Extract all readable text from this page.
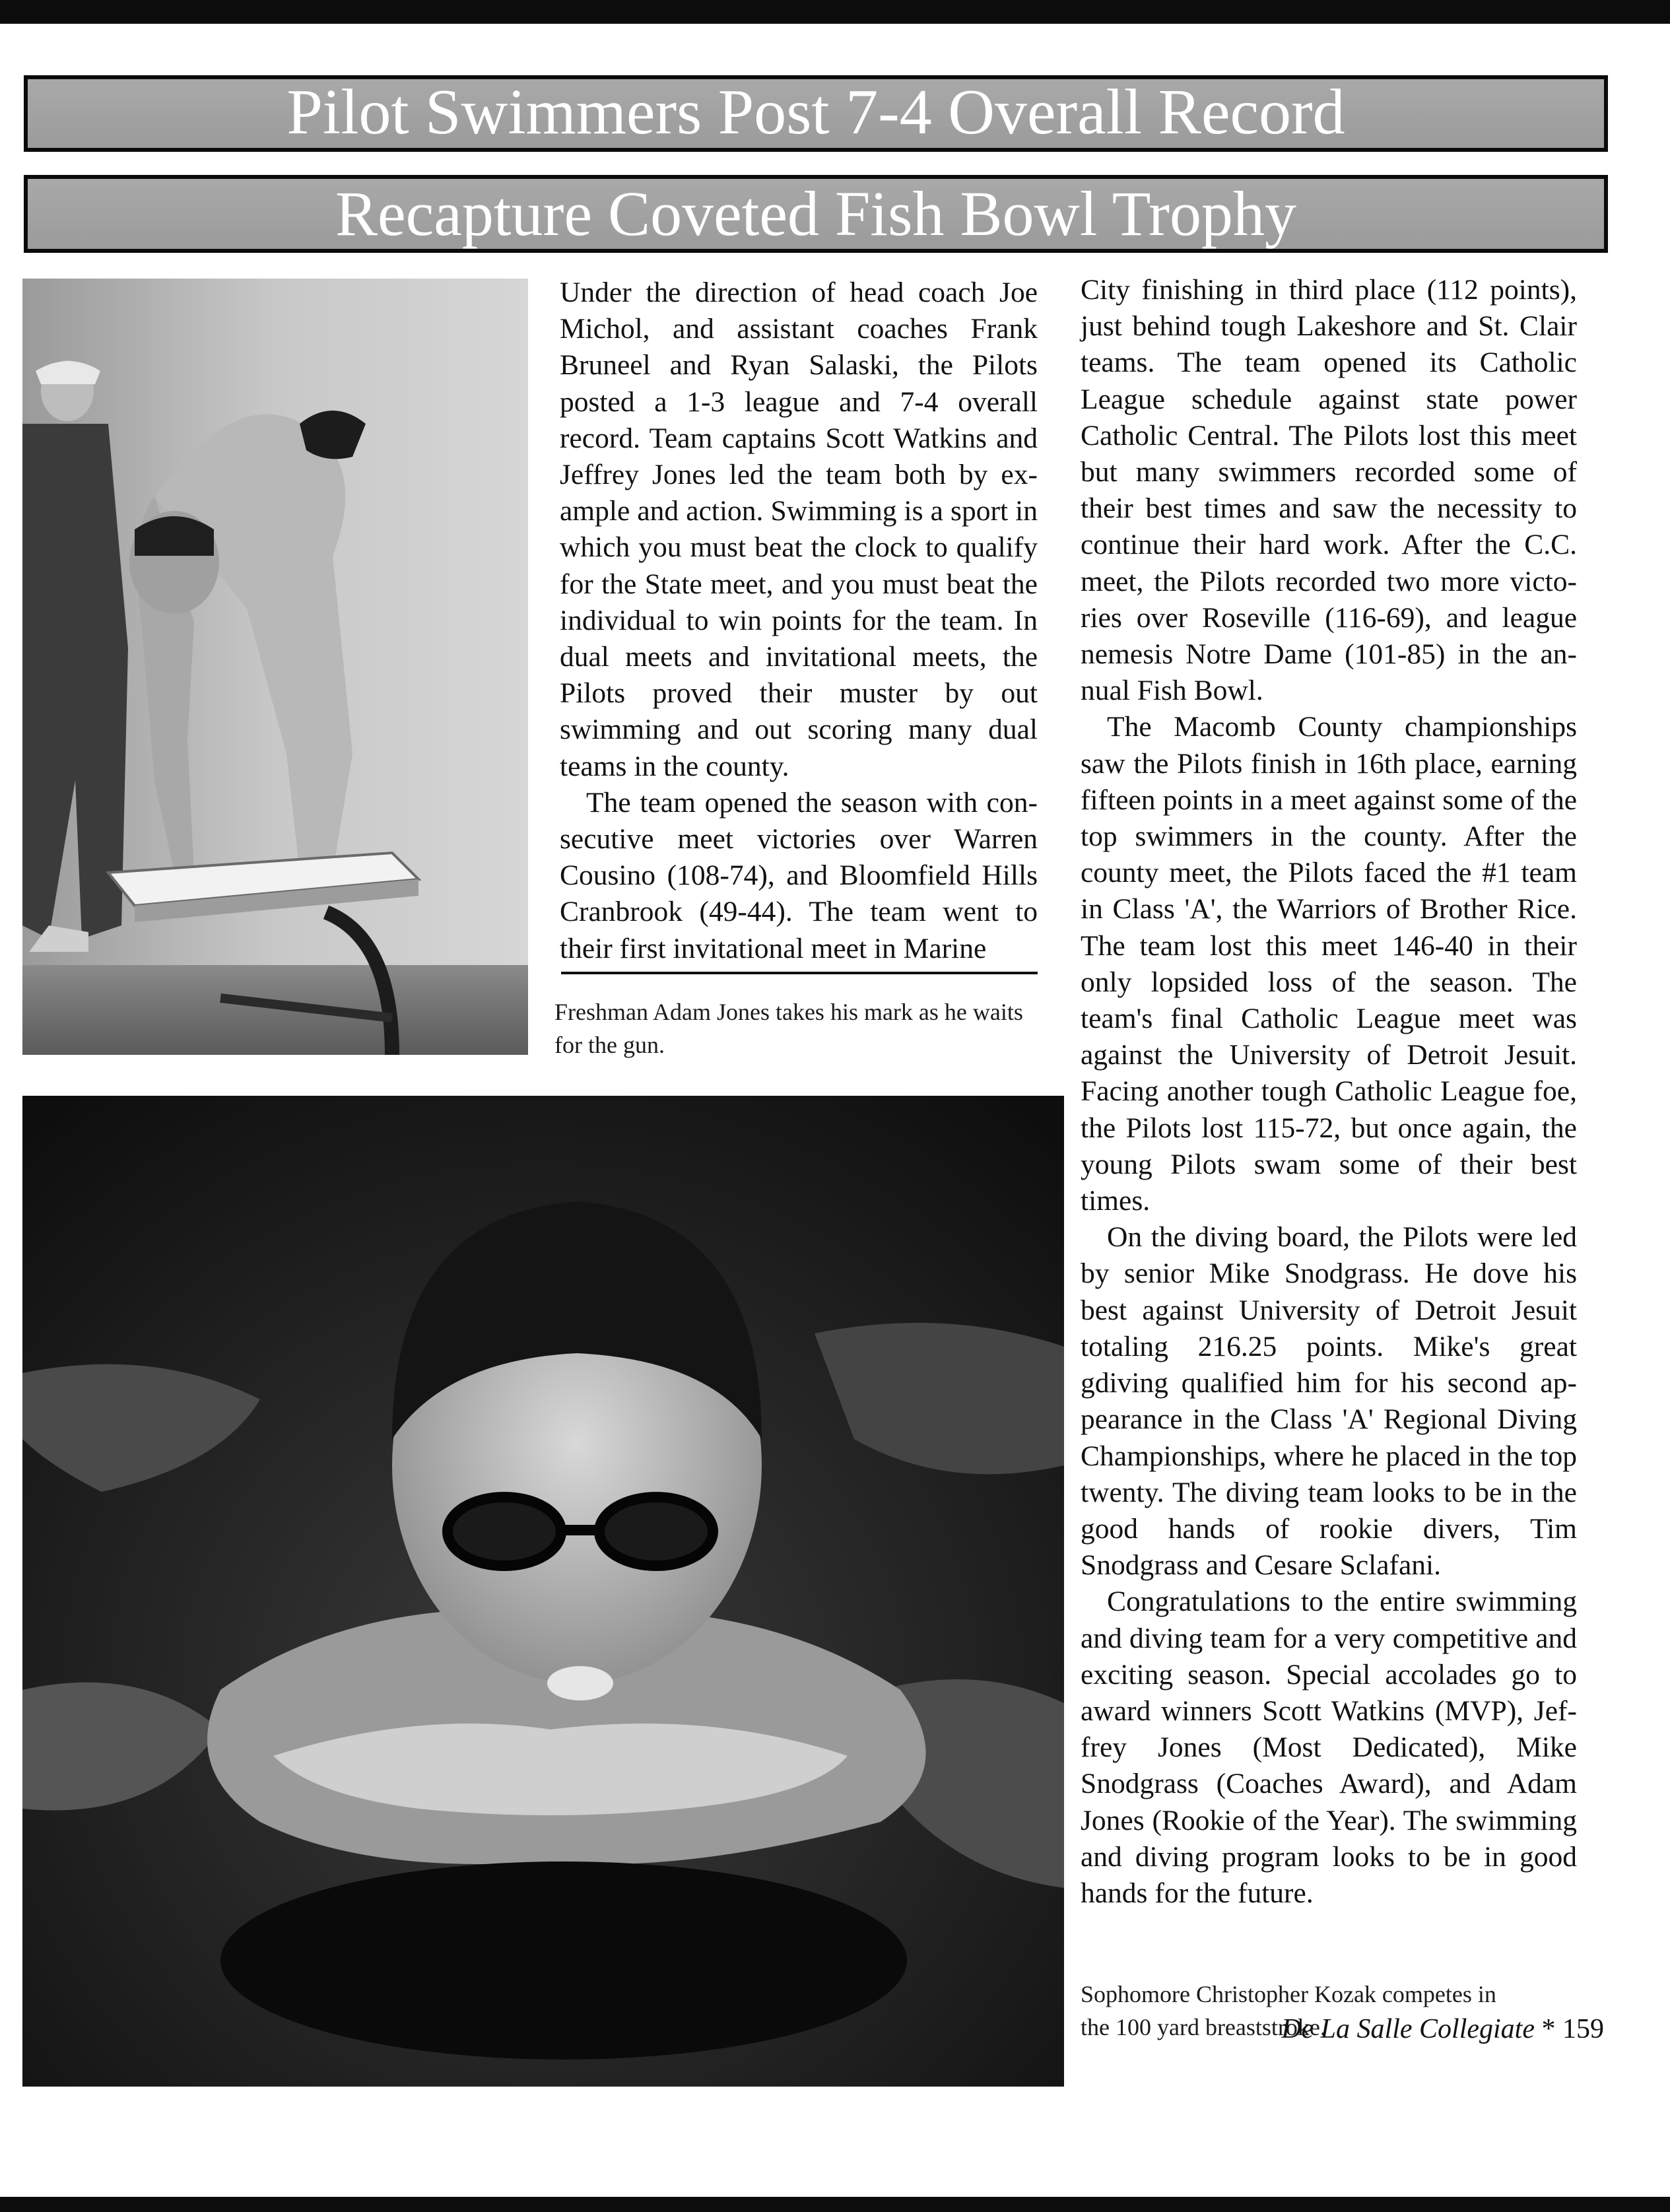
Pilot Swimmers Post 7-4 Overall Record
Recapture Coveted Fish Bowl Trophy

Under the direction of head coach Joe Michol, and assistant coaches Frank Bruneel and Ryan Salaski, the Pilots posted a 1-3 league and 7-4 overall record. Team captains Scott Watkins and Jeffrey Jones led the team both by example and action. Swimming is a sport in which you must beat the clock to qualify for the State meet, and you must beat the individual to win points for the team. In dual meets and invitational meets, the Pilots proved their muster by out swimming and out scoring many dual teams in the county.

The team opened the season with consecutive meet victories over Warren Cousino (108-74), and Bloomfield Hills Cranbrook (49-44). The team went to their first invitational meet in Marine

Freshman Adam Jones takes his mark as he waits for the gun.

City finishing in third place (112 points), just behind tough Lakeshore and St. Clair teams. The team opened its Catholic League schedule against state power Catholic Central. The Pilots lost this meet but many swimmers recorded some of their best times and saw the necessity to continue their hard work. After the C.C. meet, the Pilots recorded two more victories over Roseville (116-69), and league nemesis Notre Dame (101-85) in the annual Fish Bowl.

The Macomb County championships saw the Pilots finish in 16th place, earning fifteen points in a meet against some of the top swimmers in the county. After the county meet, the Pilots faced the #1 team in Class 'A', the Warriors of Brother Rice. The team lost this meet 146-40 in their only lopsided loss of the season. The team's final Catholic League meet was against the University of Detroit Jesuit. Facing another tough Catholic League foe, the Pilots lost 115-72, but once again, the young Pilots swam some of their best times.

On the diving board, the Pilots were led by senior Mike Snodgrass. He dove his best against University of Detroit Jesuit totaling 216.25 points. Mike's great gdiving qualified him for his second appearance in the Class 'A' Regional Diving Championships, where he placed in the top twenty. The diving team looks to be in the good hands of rookie divers, Tim Snodgrass and Cesare Sclafani.

Congratulations to the entire swimming and diving team for a very competitive and exciting season. Special accolades go to award winners Scott Watkins (MVP), Jeffrey Jones (Most Dedicated), Mike Snodgrass (Coaches Award), and Adam Jones (Rookie of the Year). The swimming and diving program looks to be in good hands for the future.

Sophomore Christopher Kozak competes in the 100 yard breaststroke.
De La Salle Collegiate * 159
